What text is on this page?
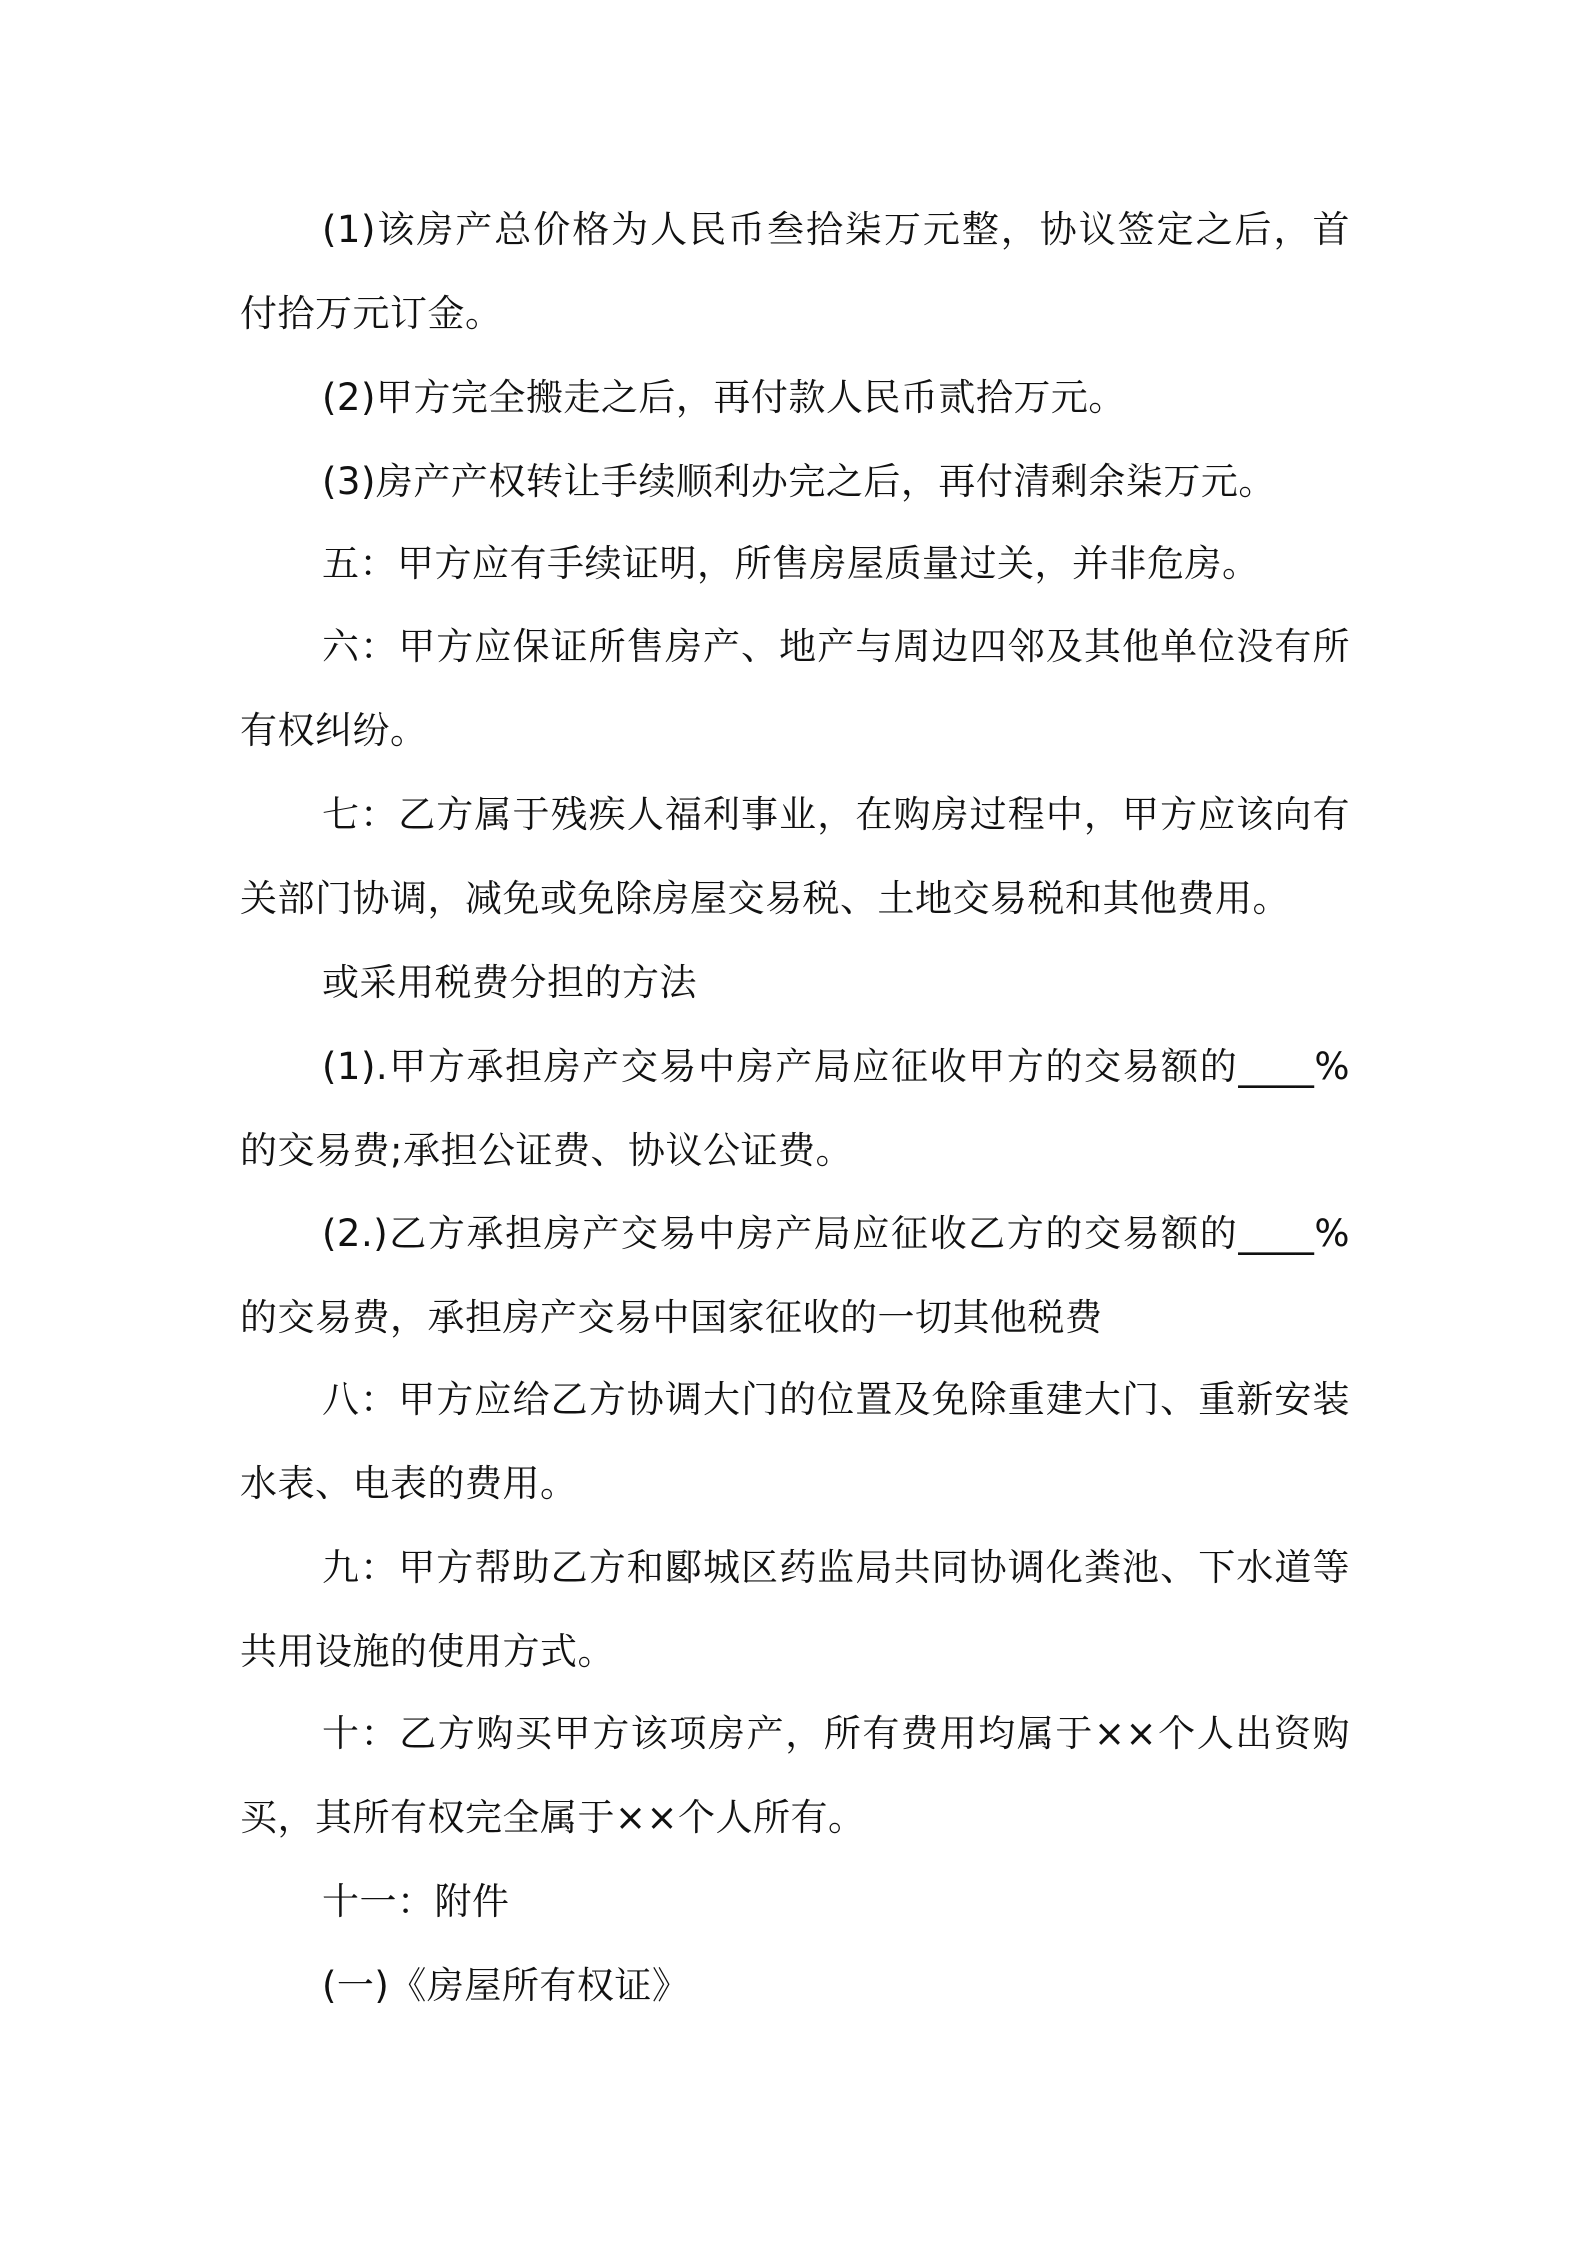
(1)该房产总价格为人民币叁拾柒万元整，协议签定之后，首付拾万元订金。

(2)甲方完全搬走之后，再付款人民币贰拾万元。

(3)房产产权转让手续顺利办完之后，再付清剩余柒万元。

五：甲方应有手续证明，所售房屋质量过关，并非危房。

六：甲方应保证所售房产、地产与周边四邻及其他单位没有所有权纠纷。

七：乙方属于残疾人福利事业，在购房过程中，甲方应该向有关部门协调，减免或免除房屋交易税、土地交易税和其他费用。

或采用税费分担的方法

(1).甲方承担房产交易中房产局应征收甲方的交易额的____%的交易费;承担公证费、协议公证费。

(2.)乙方承担房产交易中房产局应征收乙方的交易额的____%的交易费，承担房产交易中国家征收的一切其他税费

八：甲方应给乙方协调大门的位置及免除重建大门、重新安装水表、电表的费用。

九：甲方帮助乙方和郾城区药监局共同协调化粪池、下水道等共用设施的使用方式。

十：乙方购买甲方该项房产，所有费用均属于××个人出资购买，其所有权完全属于××个人所有。

十一：附件

(一)《房屋所有权证》
